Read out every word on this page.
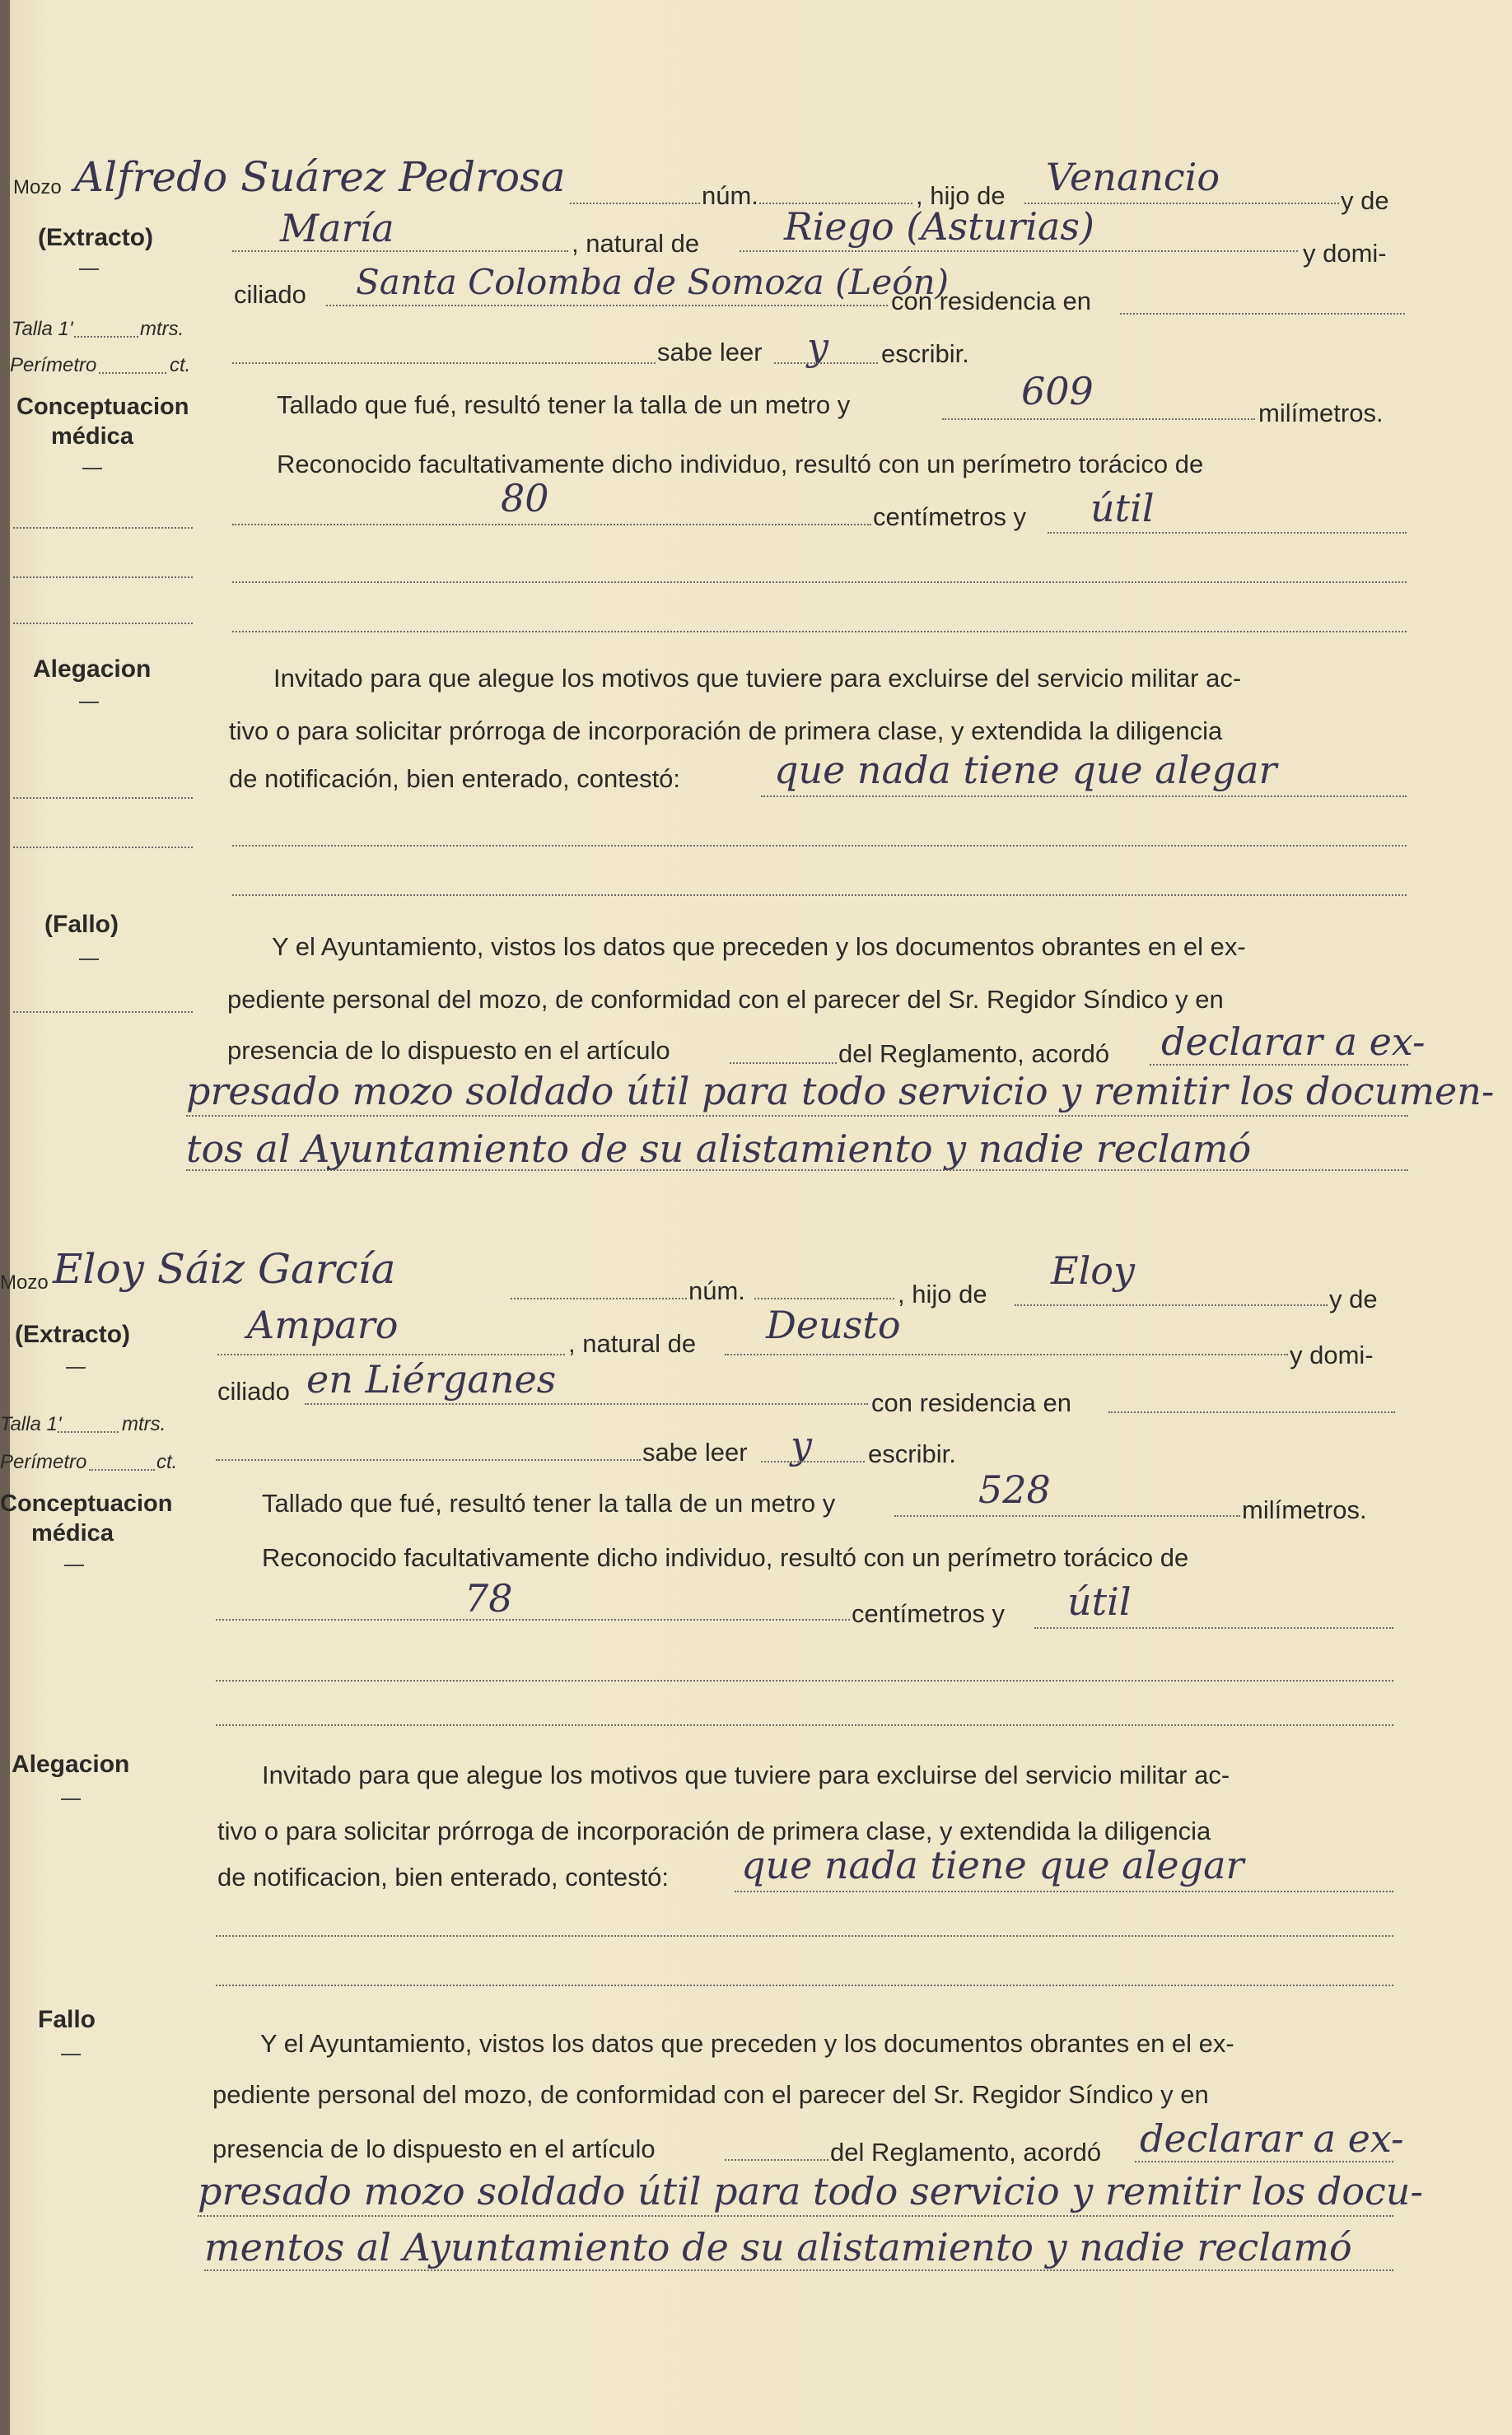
Mozo
(Extracto)
Talla 1'	mtrs.
Perímetro	ct.
Conceptuacion
médica
Alegacion
(Fallo)
Alfredo Suárez Pedrosa	núm.	, hijo de Venancio
y de
María	, natural de Riego (Asturias)
y domi-
ciliado Santa Colomba de Somoza (León)
con residencia en
sabe leer y escribir.
Tallado que fué, resultó tener la talla de un metro y	609	milímetros.
Reconocido facultativamente dicho individuo, resultó con un perímetro torácico de
80	centímetros y útil
Invitado para que alegue los motivos que tuviere para excluirse del servicio militar ac-
tivo o para solicitar prórroga de incorporación de primera clase, y extendida la diligencia
de notificación, bien enterado, contestó: que nada tiene que alegar
Y el Ayuntamiento, vistos los datos que preceden y los documentos obrantes en el ex-
pediente personal del mozo, de conformidad con el parecer del Sr. Regidor Síndico y en
presencia de lo dispuesto en el artículo	del Reglamento, acordó declarar a ex-
presado mozo soldado útil para todo servicio y remitir los documen-
tos al Ayuntamiento de su alistamiento y nadie reclamó
Mozo
(Extracto)
Talla 1'	mtrs.
Perímetro	ct.
Conceptuacion
médica
Alegacion
Fallo
Eloy Sáiz García	núm.	, hijo de
Eloy
y de
Amparo	, natural de Deusto
y domi-
ciliado en Liérganes
con residencia en
sabe leer y escribir.
Tallado que fué, resultó tener la talla de un metro y	528	milímetros.
Reconocido facultativamente dicho individuo, resultó con un perímetro torácico de
78	centímetros y útil
Invitado para que alegue los motivos que tuviere para excluirse del servicio militar ac-
tivo o para solicitar prórroga de incorporación de primera clase, y extendida la diligencia
de notificacion, bien enterado, contestó: que nada tiene que alegar
Y el Ayuntamiento, vistos los datos que preceden y los documentos obrantes en el ex-
pediente personal del mozo, de conformidad con el parecer del Sr. Regidor Síndico y en
presencia de lo dispuesto en el artículo	del Reglamento, acordó declarar a ex-
presado mozo soldado útil para todo servicio y remitir los docu-
mentos al Ayuntamiento de su alistamiento y nadie reclamó
